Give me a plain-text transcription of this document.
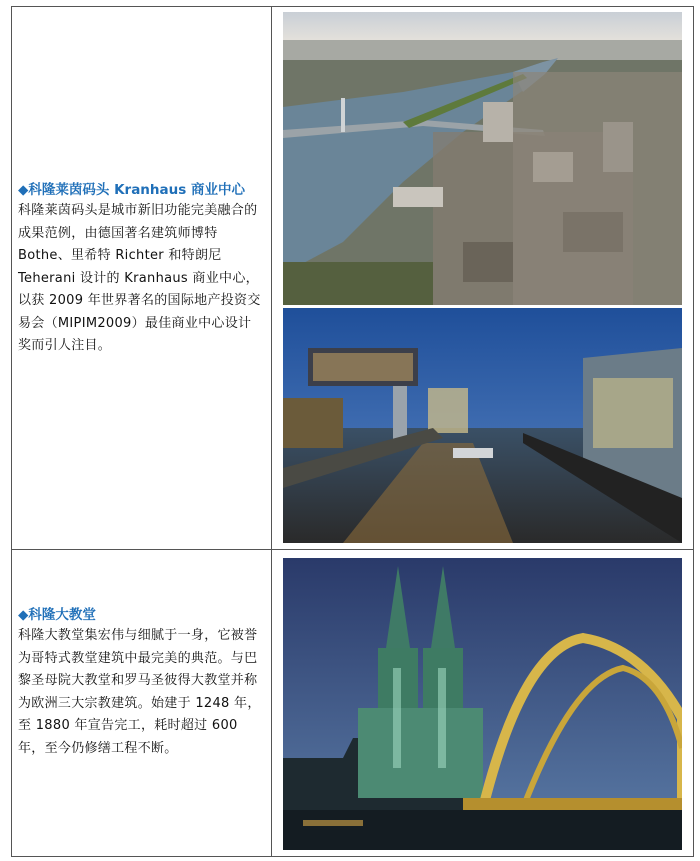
◆科隆莱茵码头 Kranhaus 商业中心
科隆莱茵码头是城市新旧功能完美融合的成果范例，由德国著名建筑师博特 Bothe、里希特 Richter 和特朗尼 Teherani 设计的 Kranhaus 商业中心，以获 2009 年世界著名的国际地产投资交易会（MIPIM2009）最佳商业中心设计奖而引人注目。
◆科隆大教堂
科隆大教堂集宏伟与细腻于一身，它被誉为哥特式教堂建筑中最完美的典范。与巴黎圣母院大教堂和罗马圣彼得大教堂并称为欧洲三大宗教建筑。始建于 1248 年，至 1880 年宣告完工，耗时超过 600 年，至今仍修缮工程不断。
